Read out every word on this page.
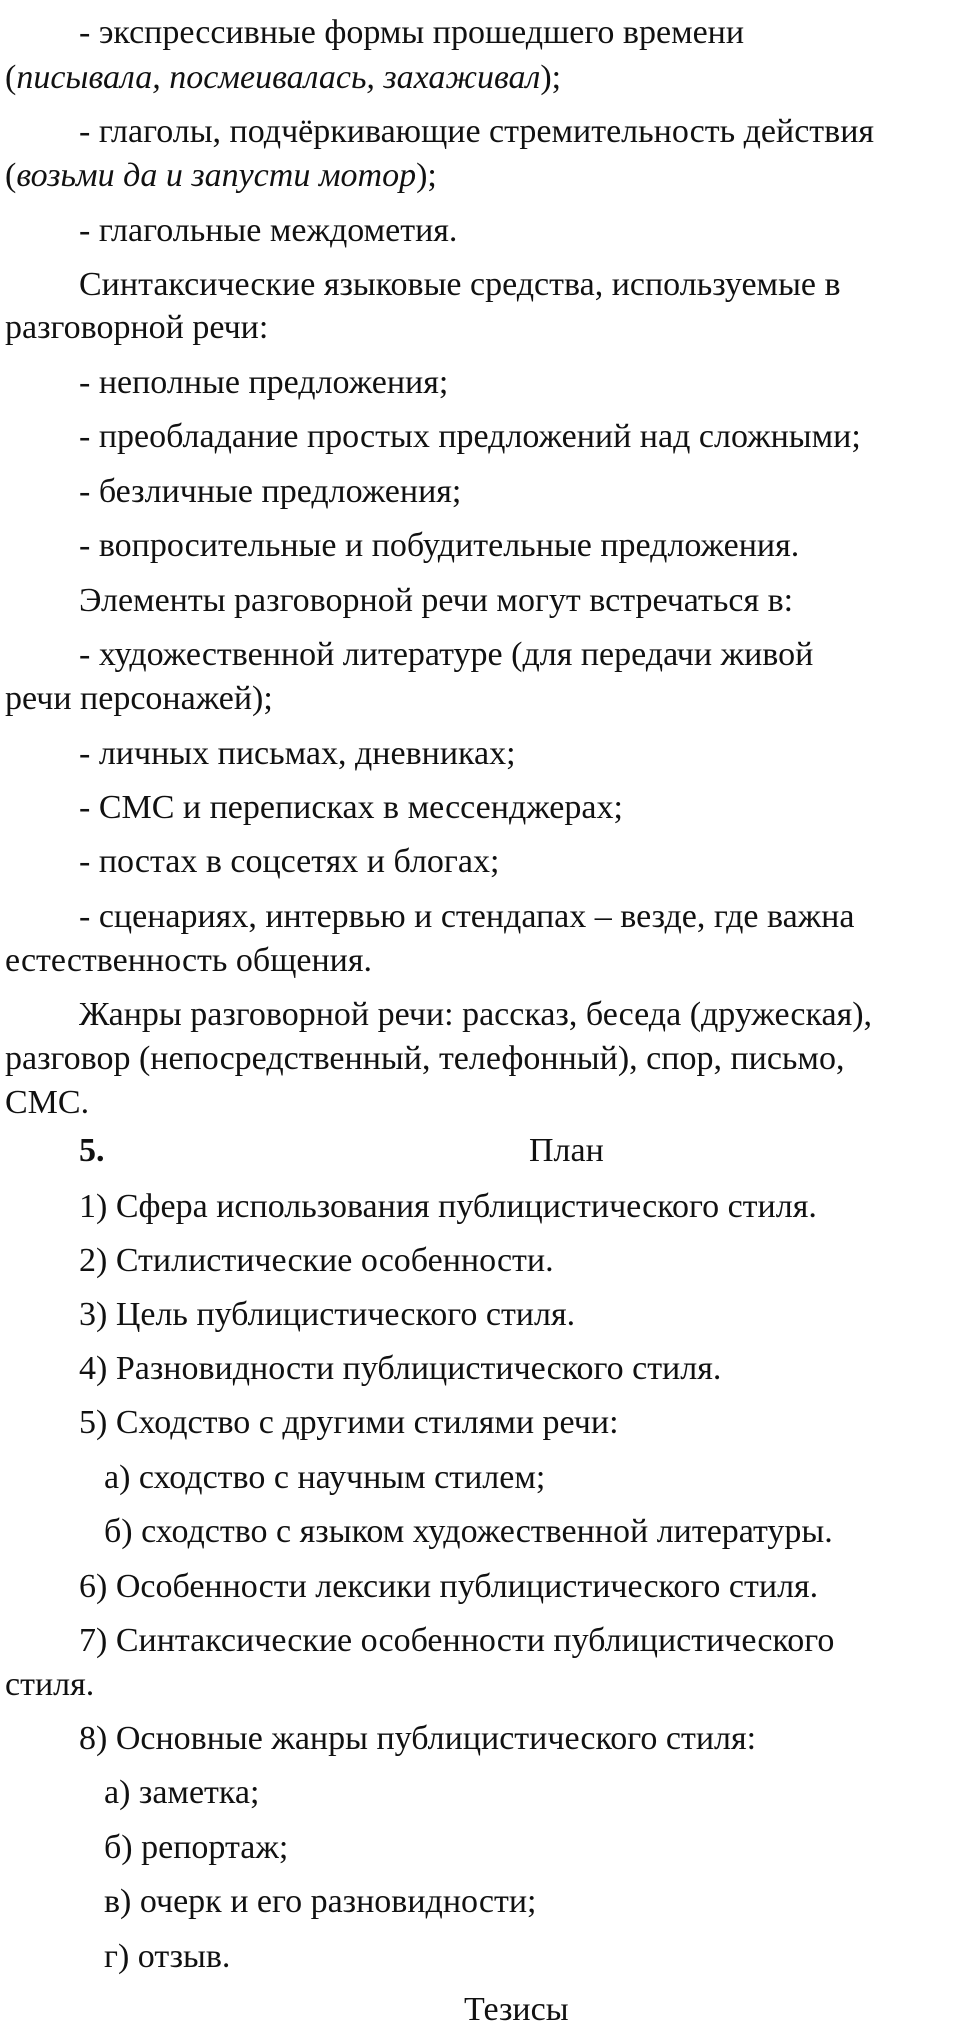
- экспрессивные формы прошедшего времени
(писывала, посмеивалась, захаживал);
- глаголы, подчёркивающие стремительность действия
(возьми да и запусти мотор);
- глагольные междометия.
Синтаксические языковые средства, используемые в
разговорной речи:
- неполные предложения;
- преобладание простых предложений над сложными;
- безличные предложения;
- вопросительные и побудительные предложения.
Элементы разговорной речи могут встречаться в:
- художественной литературе (для передачи живой
речи персонажей);
- личных письмах, дневниках;
- СМС и переписках в мессенджерах;
- постах в соцсетях и блогах;
- сценариях, интервью и стендапах – везде, где важна
естественность общения.
Жанры разговорной речи: рассказ, беседа (дружеская),
разговор (непосредственный, телефонный), спор, письмо,
СМС.
5.	План
1) Сфера использования публицистического стиля.
2) Стилистические особенности.
3) Цель публицистического стиля.
4) Разновидности публицистического стиля.
5) Сходство с другими стилями речи:
а) сходство с научным стилем;
б) сходство с языком художественной литературы.
6) Особенности лексики публицистического стиля.
7) Синтаксические особенности публицистического
стиля.
8) Основные жанры публицистического стиля:
а) заметка;
б) репортаж;
в) очерк и его разновидности;
г) отзыв.
Тезисы
